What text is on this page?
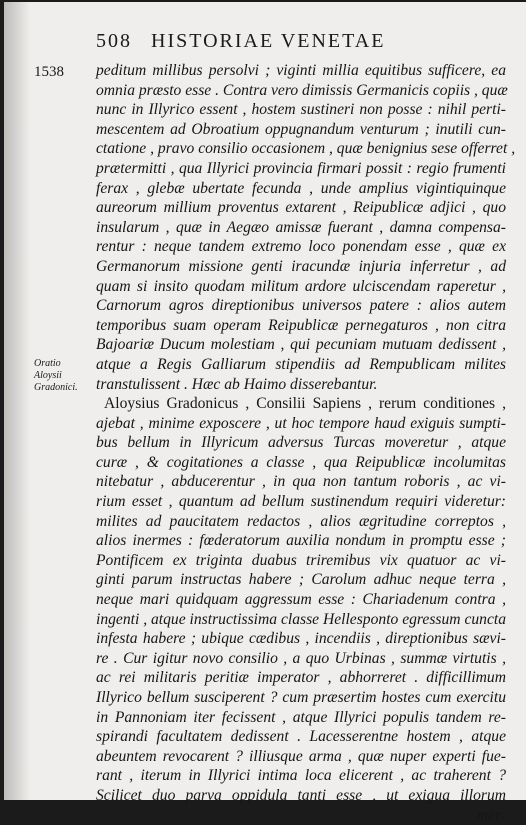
508 HISTORIAE VENETAE
1538
Oratio
Aloysii
Gradonici.
peditum millibus persolvi ; viginti millia equitibus sufficere, ea
omnia præsto esse . Contra vero dimissis Germanicis copiis , quæ
nunc in Illyrico essent , hostem sustineri non posse : nihil perti-
mescentem ad Obroatium oppugnandum venturum ; inutili cun-
ctatione , pravo consilio occasionem , quæ benignius sese offerret ,
prætermitti , qua Illyrici provincia firmari possit : regio frumenti
ferax , glebæ ubertate fecunda , unde amplius vigintiquinque
aureorum millium proventus extarent , Reipublicæ adjici , quo
insularum , quæ in Aegæo amissæ fuerant , damna compensa-
rentur : neque tandem extremo loco ponendam esse , quæ ex
Germanorum missione genti iracundæ injuria inferretur , ad
quam si insito quodam militum ardore ulciscendam raperetur ,
Carnorum agros direptionibus universos patere : alios autem
temporibus suam operam Reipublicæ pernegaturos , non citra
Bajoariæ Ducum molestiam , qui pecuniam mutuam dedissent ,
atque a Regis Galliarum stipendiis ad Rempublicam milites
transtulissent . Hæc ab Haimo disserebantur.
Aloysius Gradonicus , Consilii Sapiens , rerum conditiones ,
ajebat , minime exposcere , ut hoc tempore haud exiguis sumpti-
bus bellum in Illyricum adversus Turcas moveretur , atque
curæ , & cogitationes a classe , qua Reipublicæ incolumitas
nitebatur , abducerentur , in qua non tantum roboris , ac vi-
rium esset , quantum ad bellum sustinendum requiri videretur:
milites ad paucitatem redactos , alios ægritudine correptos ,
alios inermes : fœderatorum auxilia nondum in promptu esse ;
Pontificem ex triginta duabus triremibus vix quatuor ac vi-
ginti parum instructas habere ; Carolum adhuc neque terra ,
neque mari quidquam aggressum esse : Chariadenum contra ,
ingenti , atque instructissima classe Hellesponto egressum cuncta
infesta habere ; ubique cædibus , incendiis , direptionibus sævi-
re . Cur igitur novo consilio , a quo Urbinas , summæ virtutis ,
ac rei militaris peritiæ imperator , abhorreret . difficillimum
Illyrico bellum susciperent ? cum præsertim hostes cum exercitu
in Pannoniam iter fecissent , atque Illyrici populis tandem re-
spirandi facultatem dedissent . Lacesserentne hostem , atque
abeuntem revocarent ? illiusque arma , quæ nuper experti fue-
rant , iterum in Illyrici intima loca elicerent , ac traherent ?
Scilicet duo parva oppidula tanti esse , ut exigua illorum
mer-
